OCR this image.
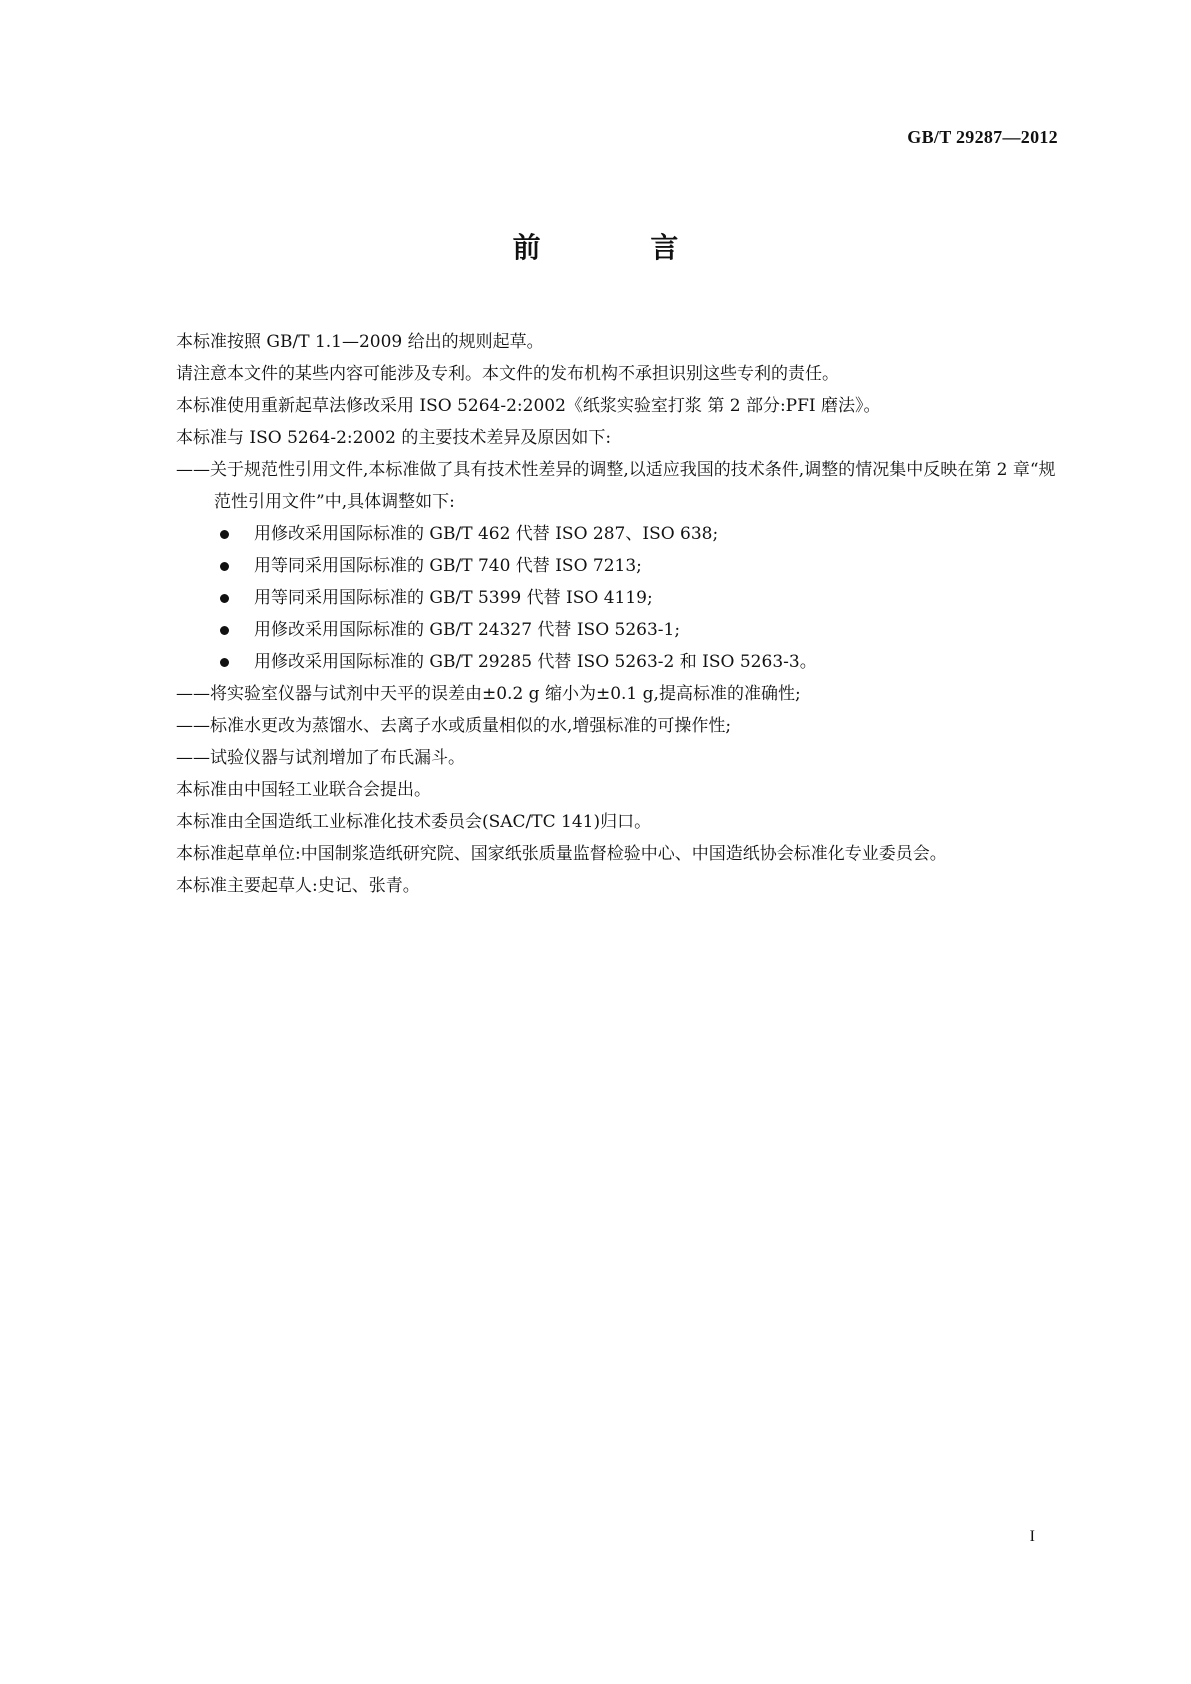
GB/T 29287—2012
前 言

本标准按照 GB/T 1.1—2009 给出的规则起草。

请注意本文件的某些内容可能涉及专利。本文件的发布机构不承担识别这些专利的责任。

本标准使用重新起草法修改采用 ISO 5264-2:2002《纸浆实验室打浆 第 2 部分:PFI 磨法》。

本标准与 ISO 5264-2:2002 的主要技术差异及原因如下:

——关于规范性引用文件,本标准做了具有技术性差异的调整,以适应我国的技术条件,调整的情况集中反映在第 2 章“规范性引用文件”中,具体调整如下:

用修改采用国际标准的 GB/T 462 代替 ISO 287、ISO 638;
用等同采用国际标准的 GB/T 740 代替 ISO 7213;
用等同采用国际标准的 GB/T 5399 代替 ISO 4119;
用修改采用国际标准的 GB/T 24327 代替 ISO 5263-1;
用修改采用国际标准的 GB/T 29285 代替 ISO 5263-2 和 ISO 5263-3。

——将实验室仪器与试剂中天平的误差由±0.2 g 缩小为±0.1 g,提高标准的准确性;

——标准水更改为蒸馏水、去离子水或质量相似的水,增强标准的可操作性;

——试验仪器与试剂增加了布氏漏斗。

本标准由中国轻工业联合会提出。

本标准由全国造纸工业标准化技术委员会(SAC/TC 141)归口。

本标准起草单位:中国制浆造纸研究院、国家纸张质量监督检验中心、中国造纸协会标准化专业委员会。

本标准主要起草人:史记、张青。

I
